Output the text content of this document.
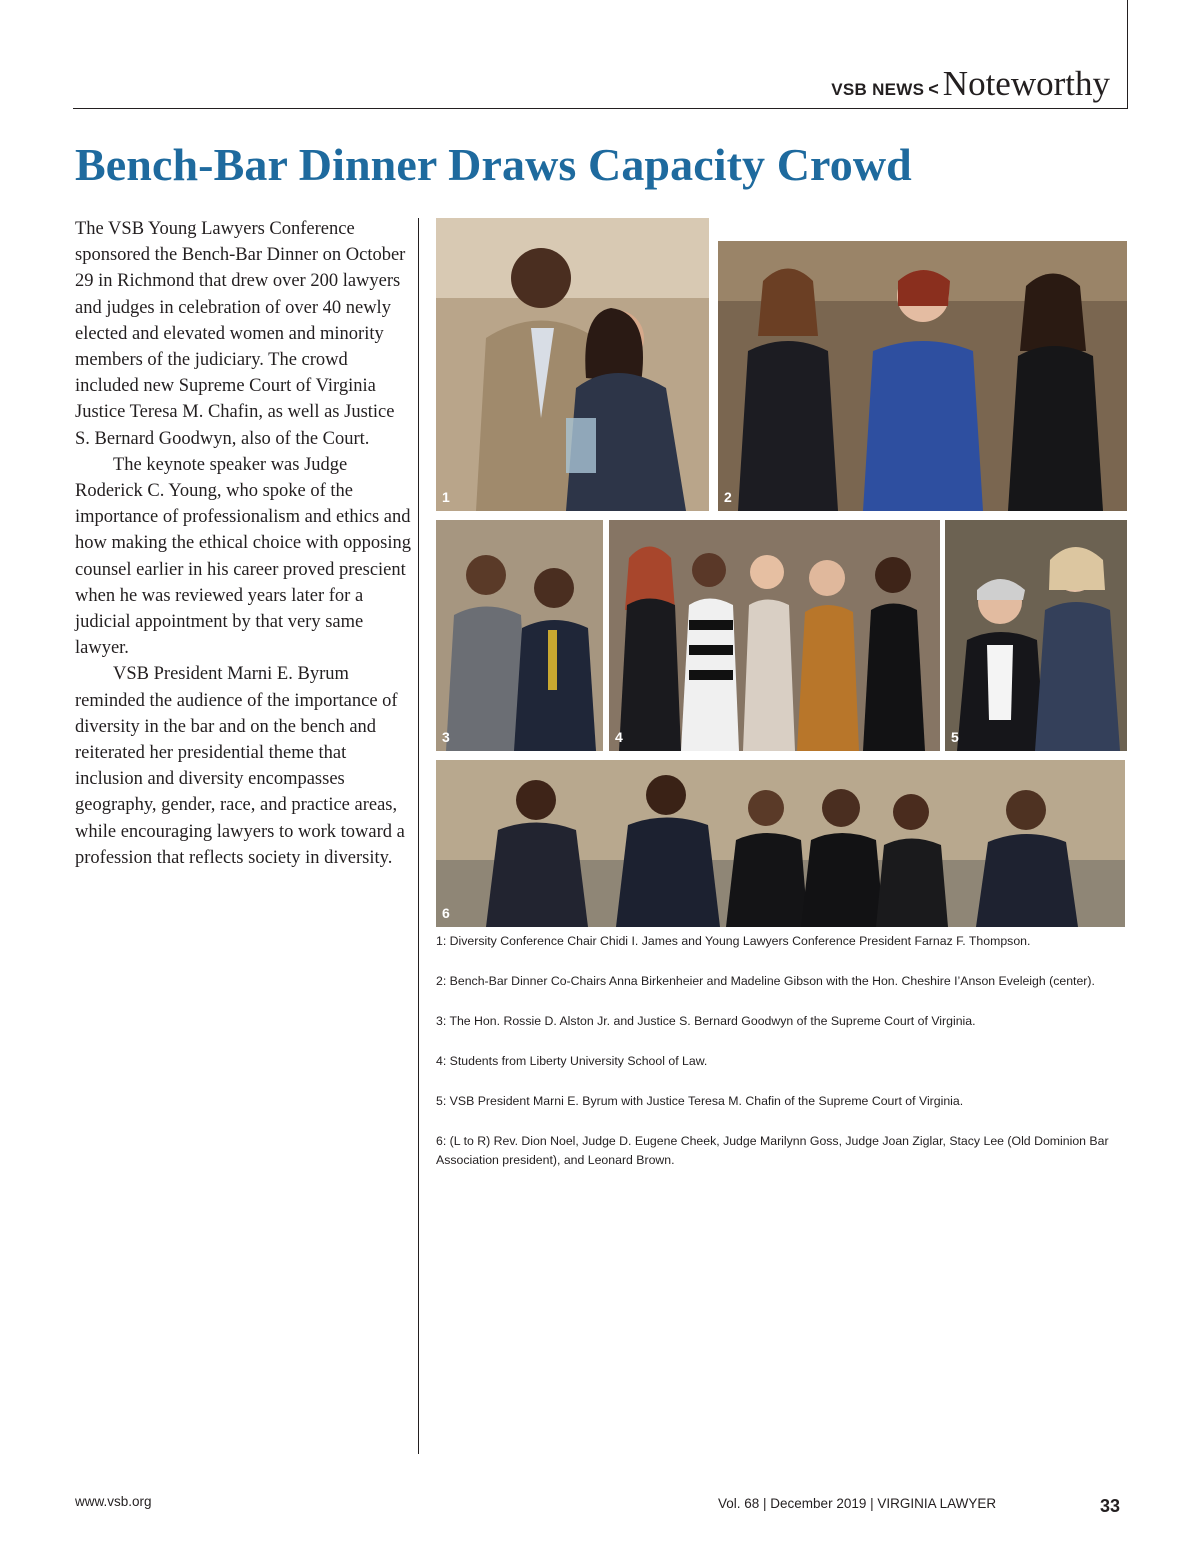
VSB NEWS < Noteworthy
Bench-Bar Dinner Draws Capacity Crowd

The VSB Young Lawyers Conference sponsored the Bench-Bar Dinner on October 29 in Richmond that drew over 200 lawyers and judges in celebration of over 40 newly elected and elevated women and minority members of the judiciary. The crowd included new Supreme Court of Virginia Justice Teresa M. Chafin, as well as Justice S. Bernard Goodwyn, also of the Court.

The keynote speaker was Judge Roderick C. Young, who spoke of the importance of professionalism and ethics and how making the ethical choice with opposing counsel earlier in his career proved prescient when he was reviewed years later for a judicial appointment by that very same lawyer.

VSB President Marni E. Byrum reminded the audience of the importance of diversity in the bar and on the bench and reiterated her presidential theme that inclusion and diversity encompasses geography, gender, race, and practice areas, while encouraging lawyers to work toward a profession that reflects society in diversity.

1	2
3	4	5
6

1: Diversity Conference Chair Chidi I. James and Young Lawyers Conference President Farnaz F. Thompson.

2: Bench-Bar Dinner Co-Chairs Anna Birkenheier and Madeline Gibson with the Hon. Cheshire I’Anson Eveleigh (center).

3: The Hon. Rossie D. Alston Jr. and Justice S. Bernard Goodwyn of the Supreme Court of Virginia.

4: Students from Liberty University School of Law.

5: VSB President Marni E. Byrum with Justice Teresa M. Chafin of the Supreme Court of Virginia.

6: (L to R) Rev. Dion Noel, Judge D. Eugene Cheek, Judge Marilynn Goss, Judge Joan Ziglar, Stacy Lee (Old Dominion Bar Association president), and Leonard Brown.

www.vsb.org	Vol. 68 | December 2019 | VIRGINIA LAWYER	33
